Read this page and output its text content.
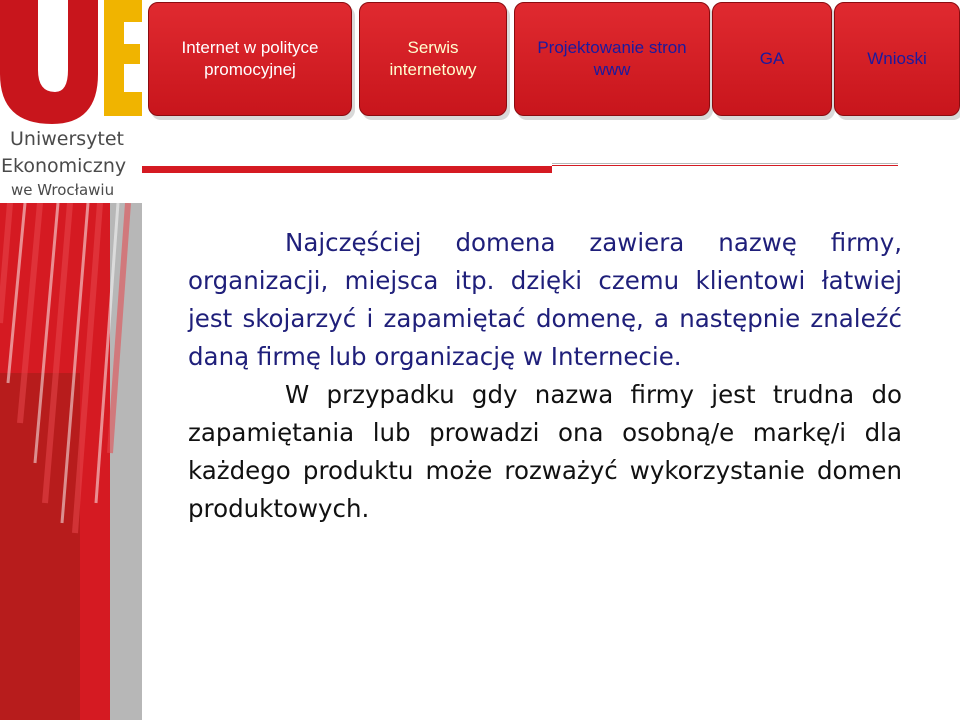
Uniwersytet
Ekonomiczny
we Wrocławiu
Internet w polityce promocyjnej
Serwis internetowy
Projektowanie stron www
GA	Wnioski

Najczęściej domena zawiera nazwę firmy, organizacji, miejsca itp. dzięki czemu klientowi łatwiej jest skojarzyć i zapamiętać domenę, a następnie znaleźć daną firmę lub organizację w Internecie.

W przypadku gdy nazwa firmy jest trudna do zapamiętania lub prowadzi ona osobną/e markę/i dla każdego produktu może rozważyć wykorzystanie domen produktowych.
